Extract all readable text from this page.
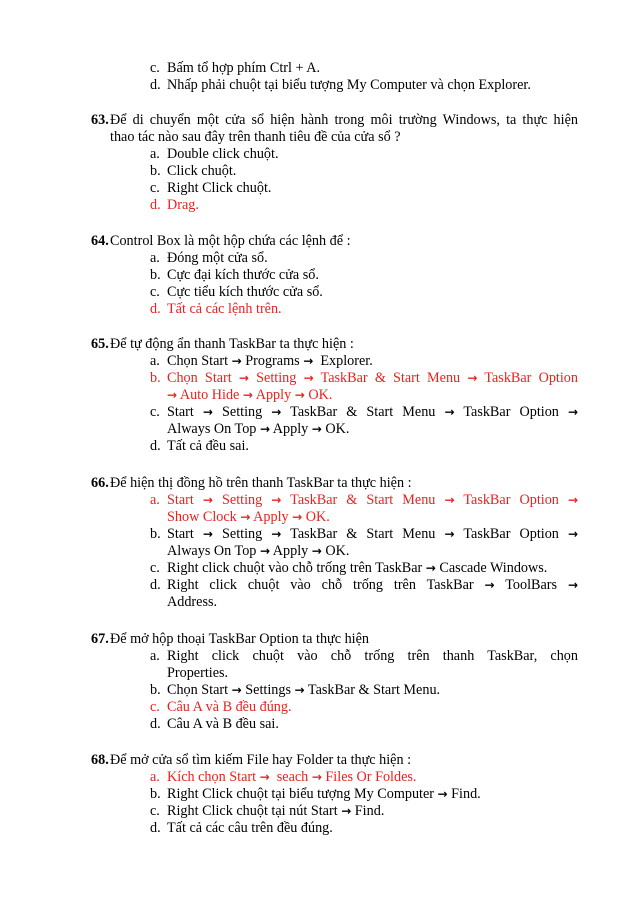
c. Bấm tổ hợp phím Ctrl + A.
d. Nhấp phải chuột tại biểu tượng My Computer và chọn Explorer.
63. Để di chuyển một cửa sổ hiện hành trong môi trường Windows, ta thực hiện
thao tác nào sau đây trên thanh tiêu đề của cửa sổ ?
a. Double click chuột.
b. Click chuột.
c. Right Click chuột.
d. Drag.
64. Control Box là một hộp chứa các lệnh để :
a. Đóng một cửa sổ.
b. Cực đại kích thước cửa sổ.
c. Cực tiểu kích thước cửa sổ.
d. Tất cả các lệnh trên.
65. Để tự động ẩn thanh TaskBar ta thực hiện :
a. Chọn Start → Programs → Explorer.
b. Chọn Start → Setting → TaskBar & Start Menu → TaskBar Option
→ Auto Hide → Apply → OK.
c. Start → Setting → TaskBar & Start Menu → TaskBar Option →
Always On Top → Apply → OK.
d. Tất cả đều sai.
66. Để hiện thị đồng hồ trên thanh TaskBar ta thực hiện :
a. Start → Setting → TaskBar & Start Menu → TaskBar Option →
Show Clock → Apply → OK.
b. Start → Setting → TaskBar & Start Menu → TaskBar Option →
Always On Top → Apply → OK.
c. Right click chuột vào chỗ trống trên TaskBar → Cascade Windows.
d. Right click chuột vào chỗ trống trên TaskBar → ToolBars →
Address.
67. Để mở hộp thoại TaskBar Option ta thực hiện
a. Right click chuột vào chỗ trống trên thanh TaskBar, chọn
Properties.
b. Chọn Start → Settings → TaskBar & Start Menu.
c. Câu A và B đều đúng.
d. Câu A và B đều sai.
68. Để mở cửa sổ tìm kiếm File hay Folder ta thực hiện :
a. Kích chọn Start → seach → Files Or Foldes.
b. Right Click chuột tại biểu tượng My Computer → Find.
c. Right Click chuột tại nút Start → Find.
d. Tất cả các câu trên đều đúng.
